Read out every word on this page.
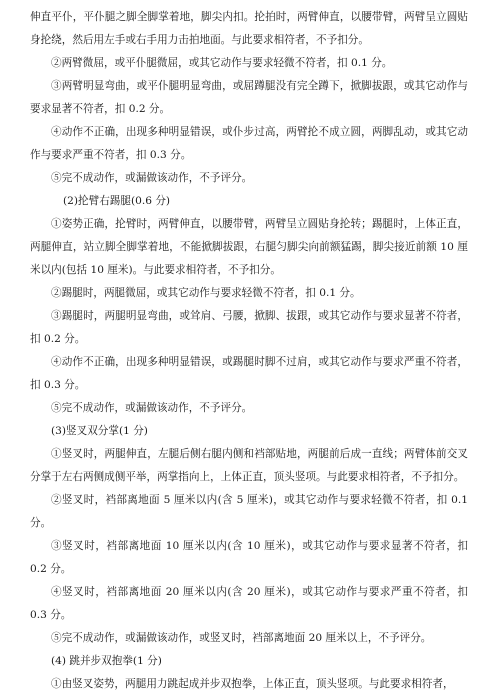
伸直平仆，平仆腿之脚全脚掌着地，脚尖内扣。抡拍时，两臂伸直，以腰带臂，两臂呈立圆贴身抡绕，然后用左手或右手用力击拍地面。与此要求相符者，不予扣分。

②两臂微屈，或平仆腿微屈，或其它动作与要求轻微不符者，扣 0.1 分。

③两臂明显弯曲，或平仆腿明显弯曲，或屈蹲腿没有完全蹲下，掀脚拔跟，或其它动作与要求显著不符者，扣 0.2 分。

④动作不正确，出现多种明显错误，或仆步过高，两臂抡不成立圆，两脚乱动，或其它动作与要求严重不符者，扣 0.3 分。

⑤完不成动作，或漏做该动作，不予评分。

(2)抡臂右踢腿(0.6 分)

①姿势正确，抡臂时，两臂伸直，以腰带臂，两臂呈立圆贴身抡转；踢腿时，上体正直，两腿伸直，站立脚全脚掌着地，不能掀脚拔跟，右腿匀脚尖向前额猛踢，脚尖接近前额 10 厘米以内(包括 10 厘米)。与此要求相符者，不予扣分。

②踢腿时，两腿微屈，或其它动作与要求轻微不符者，扣 0.1 分。

③踢腿时，两腿明显弯曲，或耸肩、弓腰，掀脚、拔跟，或其它动作与要求显著不符者，扣 0.2 分。

④动作不正确，出现多种明显错误，或踢腿时脚不过肩，或其它动作与要求严重不符者，扣 0.3 分。

⑤完不成动作，或漏做该动作，不予评分。

(3)竖叉双分掌(1 分)

①竖叉时，两腿伸直，左腿后侧右腿内侧和裆部贴地，两腿前后成一直线；两臂体前交叉分掌于左右两侧成侧平举，两掌指向上，上体正直，顶头竖项。与此要求相符者，不予扣分。

②竖叉时，裆部离地面 5 厘米以内(含 5 厘米)，或其它动作与要求轻微不符者，扣 0.1 分。

③竖叉时，裆部离地面 10 厘米以内(含 10 厘米)，或其它动作与要求显著不符者，扣 0.2 分。

④竖叉时，裆部离地面 20 厘米以内(含 20 厘米)，或其它动作与要求严重不符者，扣 0.3 分。

⑤完不成动作，或漏做该动作，或竖叉时，裆部离地面 20 厘米以上，不予评分。

(4) 跳并步双抱拳(1 分)

①由竖叉姿势，两腿用力跳起成并步双抱拳，上体正直，顶头竖项。与此要求相符者，
